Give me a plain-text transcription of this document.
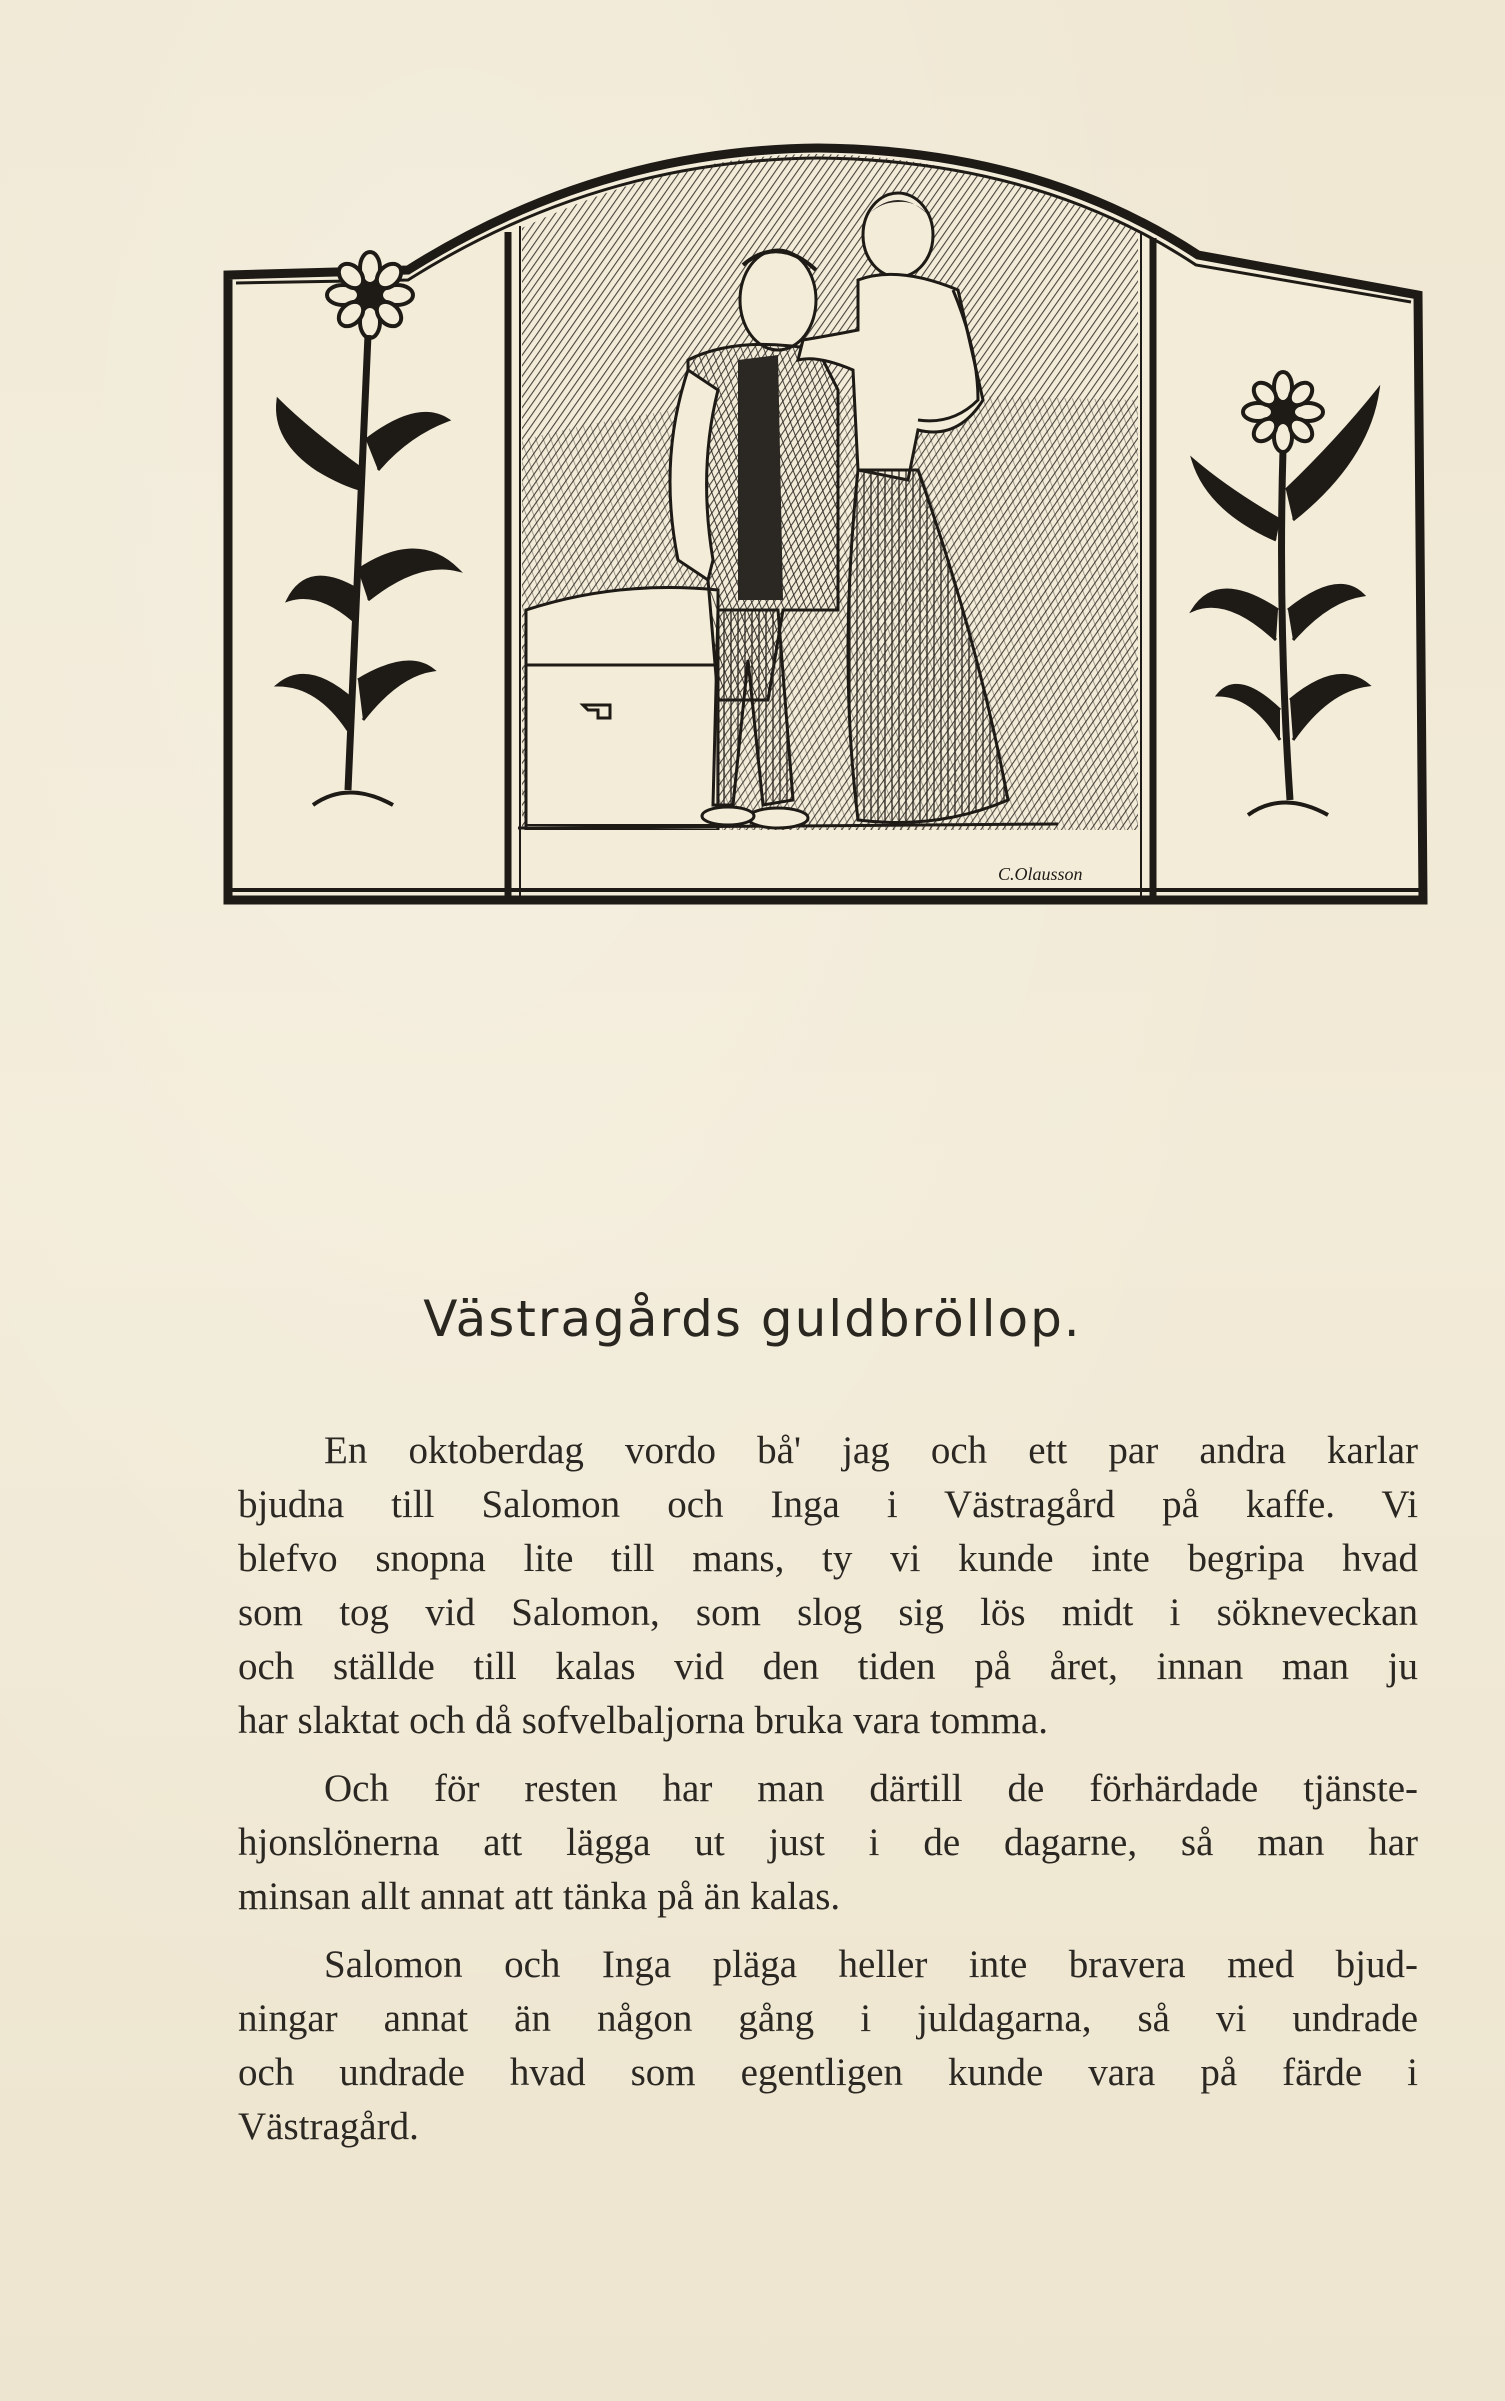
C.Olausson
Västragårds guldbröllop.
En oktoberdag vordo bå' jag och ett par andra karlar
bjudna till Salomon och Inga i Västragård på kaffe. Vi
blefvo snopna lite till mans, ty vi kunde inte begripa hvad
som tog vid Salomon, som slog sig lös midt i sökneveckan
och ställde till kalas vid den tiden på året, innan man ju
har slaktat och då sofvelbaljorna bruka vara tomma.
Och för resten har man därtill de förhärdade tjänste-
hjonslönerna att lägga ut just i de dagarne, så man har
minsan allt annat att tänka på än kalas.
Salomon och Inga pläga heller inte bravera med bjud-
ningar annat än någon gång i juldagarna, så vi undrade
och undrade hvad som egentligen kunde vara på färde i
Västragård.
